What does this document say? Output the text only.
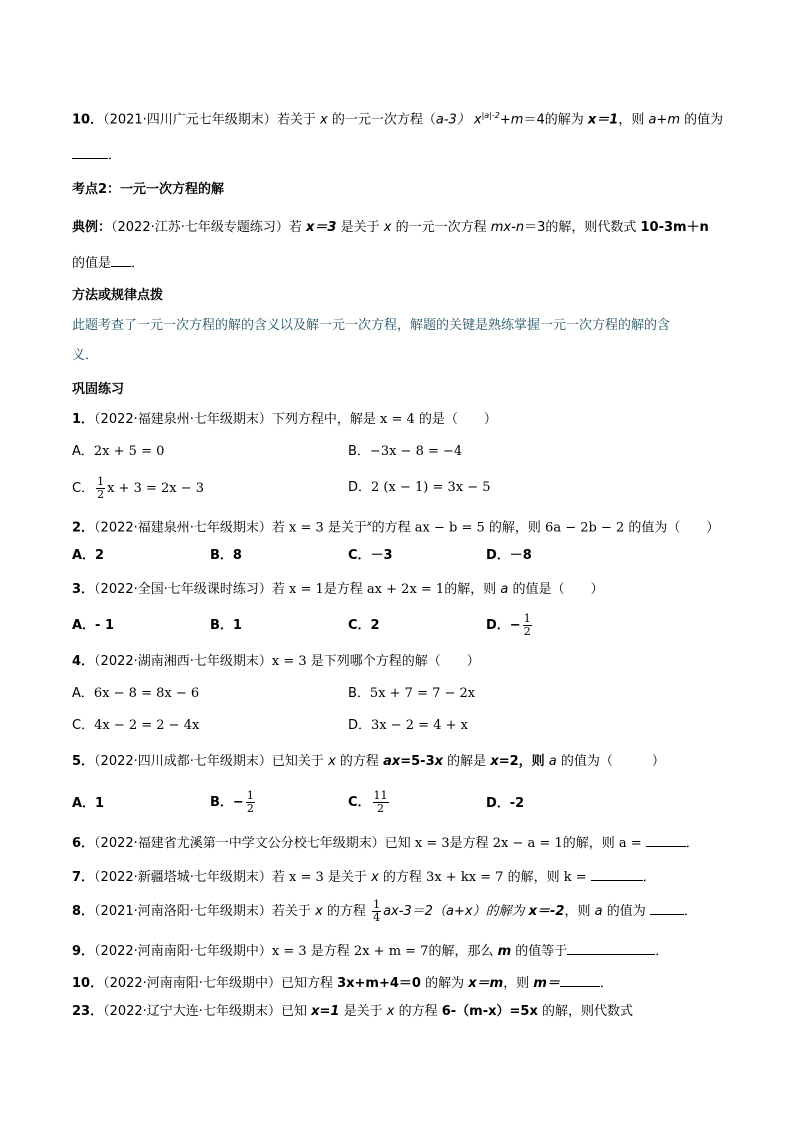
10．（2021·四川广元七年级期末）若关于 x 的一元一次方程（a-3） $x^{|a|-2}+m=4$的解为 x＝1，则 a+m 的值为
．
考点2：一元一次方程的解
典例：（2022·江苏·七年级专题练习）若 x＝3 是关于 x 的一元一次方程 mx-n＝3的解，则代数式 10-3m＋n
的值是 ．
方法或规律点拨
此题考查了一元一次方程的解的含义以及解一元一次方程，解题的关键是熟练掌握一元一次方程的解的含
义．
巩固练习
1．（2022·福建泉州·七年级期末）下列方程中，解是 x = 4 的是（　　）
A．2x + 5 = 0	B．−3x − 8 = −4
C． $\frac{1}{2}$ x + 3 = 2x − 3	D．2 (x − 1) = 3x − 5
2．（2022·福建泉州·七年级期末）若 x = 3 是关于$^x$的方程 ax − b = 5 的解，则 6a − 2b − 2 的值为（　　）
A．2	B．8	C．－3	D．－8
3．（2022·全国·七年级课时练习）若 x = 1是方程 ax + 2x = 1的解，则 a 的值是（　　）
A．- 1	B．1	C．2	D．− $\frac{1}{2}$
4．（2022·湖南湘西·七年级期末）x = 3 是下列哪个方程的解（　　）
A．6x − 8 = 8x − 6	B．5x + 7 = 7 − 2x
C．4x − 2 = 2 − 4x	D．3x − 2 = 4 + x
5．（2022·四川成都·七年级期末）已知关于 x 的方程 ax=5-3x 的解是 x=2，则 a 的值为（　　　）
A．1	B．− $\frac{1}{2}$	C． $\frac{11}{2}$	D．-2
6．（2022·福建省尤溪第一中学文公分校七年级期末）已知 x = 3是方程 2x − a = 1的解，则 a =	．
7．（2022·新疆塔城·七年级期末）若 x = 3 是关于 x 的方程 3x + kx = 7 的解，则 k =	．
8．（2021·河南洛阳·七年级期末）若关于 x 的方程 $\frac{1}{4} ax-3=2(a+x)$的解为 x＝-2，则 a 的值为	．
9．（2022·河南南阳·七年级期中）x = 3 是方程 2x + m = 7的解，那么 m 的值等于	．
10．（2022·河南南阳·七年级期中）已知方程 3x+m+4＝0 的解为 x＝m，则 m＝	．
23．（2022·辽宁大连·七年级期末）已知 x=1 是关于 x 的方程 6-（m-x）=5x 的解，则代数式
